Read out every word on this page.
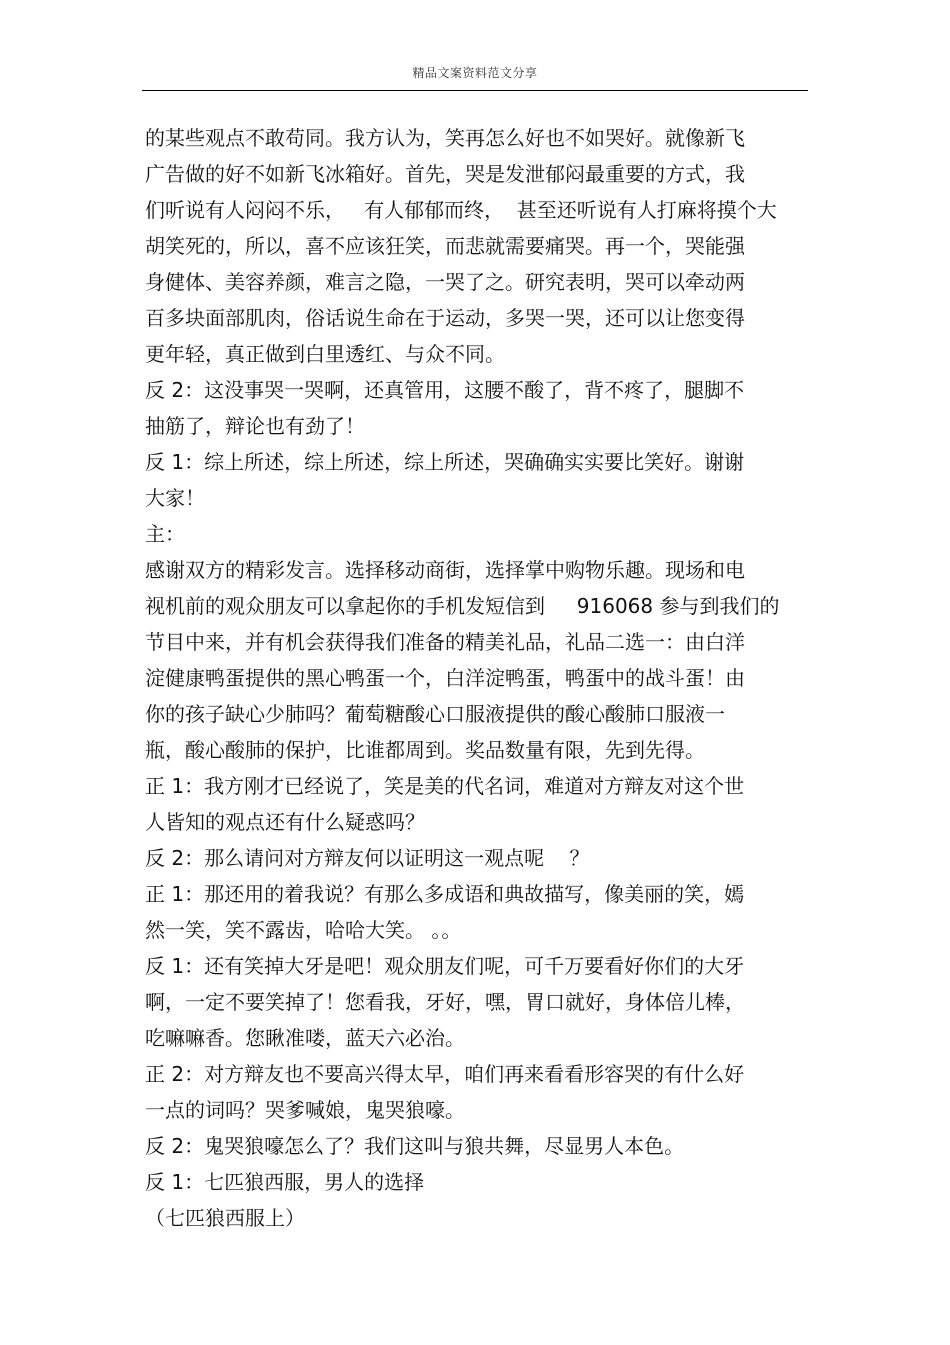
精品文案资料范文分享
的某些观点不敢苟同。我方认为，笑再怎么好也不如哭好。就像新飞
广告做的好不如新飞冰箱好。首先，哭是发泄郁闷最重要的方式，我
们听说有人闷闷不乐，   有人郁郁而终，  甚至还听说有人打麻将摸个大
胡笑死的，所以，喜不应该狂笑，而悲就需要痛哭。再一个，哭能强
身健体、美容养颜，难言之隐，一哭了之。研究表明，哭可以牵动两
百多块面部肌肉，俗话说生命在于运动，多哭一哭，还可以让您变得
更年轻，真正做到白里透红、与众不同。
反 2：这没事哭一哭啊，还真管用，这腰不酸了，背不疼了，腿脚不
抽筋了，辩论也有劲了！
反 1：综上所述，综上所述，综上所述，哭确确实实要比笑好。谢谢
大家！
主：
感谢双方的精彩发言。选择移动商街，选择掌中购物乐趣。现场和电
视机前的观众朋友可以拿起你的手机发短信到     916068 参与到我们的
节目中来，并有机会获得我们准备的精美礼品，礼品二选一：由白洋
淀健康鸭蛋提供的黑心鸭蛋一个，白洋淀鸭蛋，鸭蛋中的战斗蛋！由
你的孩子缺心少肺吗？葡萄糖酸心口服液提供的酸心酸肺口服液一
瓶，酸心酸肺的保护，比谁都周到。奖品数量有限，先到先得。
正 1：我方刚才已经说了，笑是美的代名词，难道对方辩友对这个世
人皆知的观点还有什么疑惑吗？
反 2：那么请问对方辩友何以证明这一观点呢    ？
正 1：那还用的着我说？有那么多成语和典故描写，像美丽的笑，嫣
然一笑，笑不露齿，哈哈大笑。 。。
反 1：还有笑掉大牙是吧！观众朋友们呢，可千万要看好你们的大牙
啊，一定不要笑掉了！您看我，牙好，嘿，胃口就好，身体倍儿棒，
吃嘛嘛香。您瞅准喽，蓝天六必治。
正 2：对方辩友也不要高兴得太早，咱们再来看看形容哭的有什么好
一点的词吗？哭爹喊娘，鬼哭狼嚎。
反 2：鬼哭狼嚎怎么了？我们这叫与狼共舞，尽显男人本色。
反 1：七匹狼西服，男人的选择
（七匹狼西服上）
